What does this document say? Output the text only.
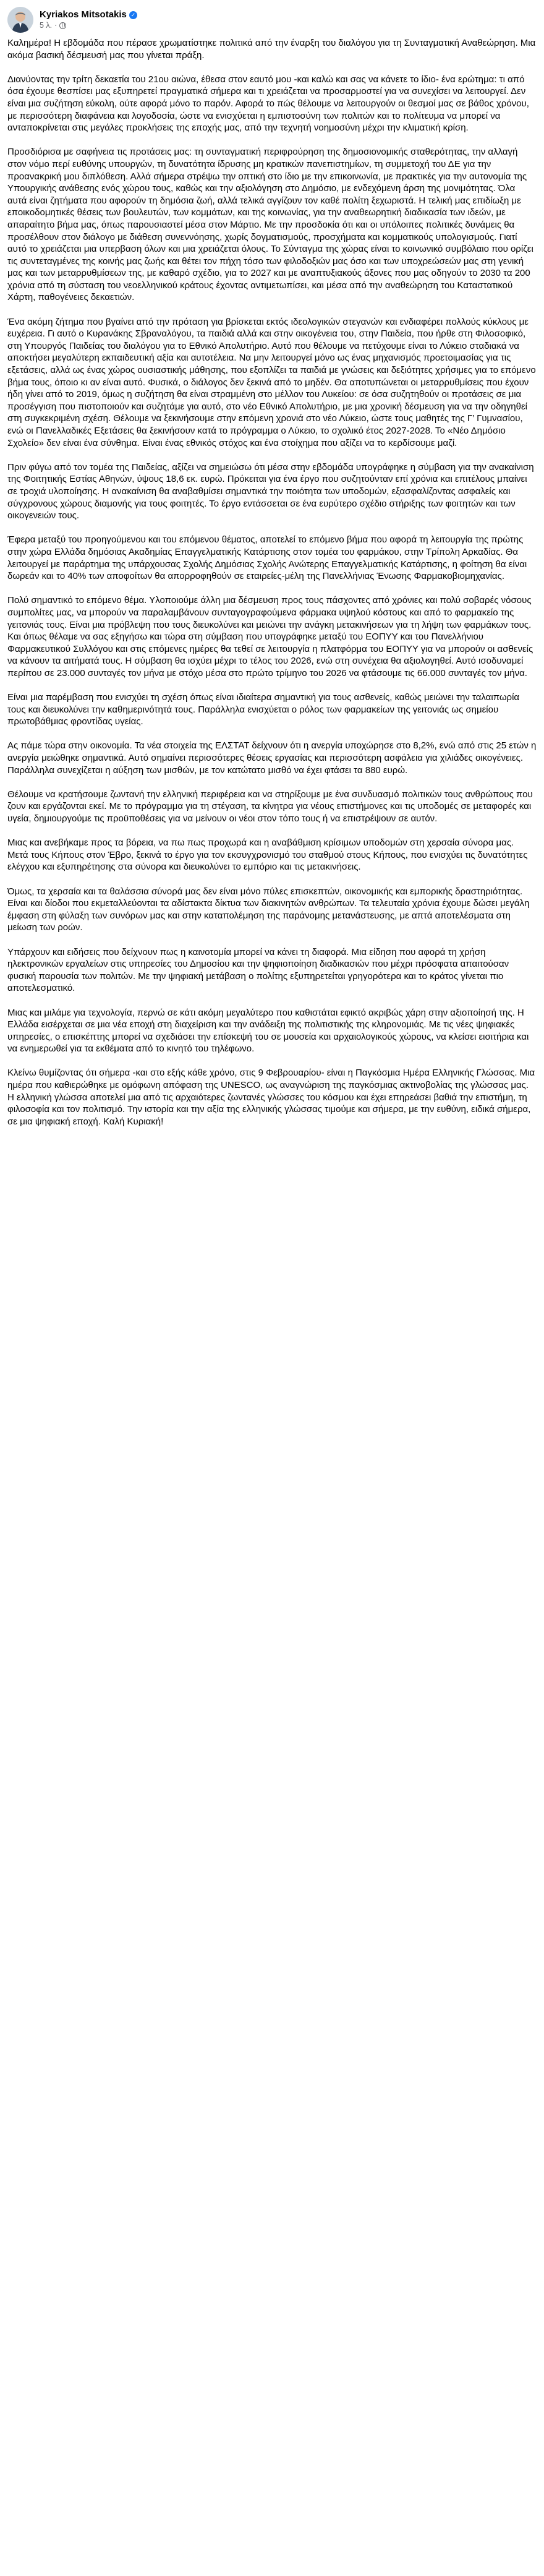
Kyriakos Mitsotakis ✓
5 λ. ·

Καλημέρα! Η εβδομάδα που πέρασε χρωματίστηκε πολιτικά από την έναρξη του διαλόγου για τη Συνταγματική Αναθεώρηση. Μια ακόμα βασική δέσμευσή μας που γίνεται πράξη.

Διανύοντας την τρίτη δεκαετία του 21ου αιώνα, έθεσα στον εαυτό μου -και καλώ και σας να κάνετε το ίδιο- ένα ερώτημα: τι από όσα έχουμε θεσπίσει μας εξυπηρετεί πραγματικά σήμερα και τι χρειάζεται να προσαρμοστεί για να συνεχίσει να λειτουργεί. Δεν είναι μια συζήτηση εύκολη, ούτε αφορά μόνο το παρόν. Αφορά το πώς θέλουμε να λειτουργούν οι θεσμοί μας σε βάθος χρόνου, με περισσότερη διαφάνεια και λογοδοσία, ώστε να ενισχύεται η εμπιστοσύνη των πολιτών και το πολίτευμα να μπορεί να ανταποκρίνεται στις μεγάλες προκλήσεις της εποχής μας, από την τεχνητή νοημοσύνη μέχρι την κλιματική κρίση.

Προσδιόρισα με σαφήνεια τις προτάσεις μας: τη συνταγματική περιφρούρηση της δημοσιονομικής σταθερότητας, την αλλαγή στον νόμο περί ευθύνης υπουργών, τη δυνατότητα ίδρυσης μη κρατικών πανεπιστημίων, τη συμμετοχή του ΔΕ για την προανακρική μου διπλόθεση. Αλλά σήμερα στρέψω την οπτική στο ίδιο με την επικοινωνία, με πρακτικές για την αυτονομία της Υπουργικής ανάθεσης ενός χώρου τους, καθώς και την αξιολόγηση στο Δημόσιο, με ενδεχόμενη άρση της μονιμότητας. Όλα αυτά είναι ζητήματα που αφορούν τη δημόσια ζωή, αλλά τελικά αγγίζουν τον καθέ πολίτη ξεχωριστά. Η τελική μας επιδίωξη με εποικοδομητικές θέσεις των βουλευτών, των κομμάτων, και της κοινωνίας, για την αναθεωρητική διαδικασία των ιδεών, με απαραίτητο βήμα μας, όπως παρουσιαστεί μέσα στον Μάρτιο. Με την προσδοκία ότι και οι υπόλοιπες πολιτικές δυνάμεις θα προσέλθουν στον διάλογο με διάθεση συνεννόησης, χωρίς δογματισμούς, προσχήματα και κομματικούς υπολογισμούς. Γιατί αυτό το χρειάζεται μια υπερβαση όλων και μια χρειάζεται όλους. Το Σύνταγμα της χώρας είναι το κοινωνικό συμβόλαιο που ορίζει τις συντεταγμένες της κοινής μας ζωής και θέτει τον πήχη τόσο των φιλοδοξιών μας όσο και των υποχρεώσεών μας στη γενική μας και των μεταρρυθμίσεων της, με καθαρό σχέδιο, για το 2027 και με αναπτυξιακούς άξονες που μας οδηγούν το 2030 τα 200 χρόνια από τη σύσταση του νεοελληνικού κράτους έχοντας αντιμετωπίσει, και μέσα από την αναθεώρηση του Καταστατικού Χάρτη, παθογένειες δεκαετιών.

Ένα ακόμη ζήτημα που βγαίνει από την πρόταση για βρίσκεται εκτός ιδεολογικών στεγανών και ενδιαφέρει πολλούς κύκλους με ευχέρεια. Γι αυτό ο Κυρανάκης Σβραναλόγου, τα παιδιά αλλά και στην οικογένεια του, στην Παιδεία, που ήρθε στη Φιλοσοφικό, στη Υπουργός Παιδείας του διαλόγου για το Εθνικό Απολυτήριο. Αυτό που θέλουμε να πετύχουμε είναι το Λύκειο σταδιακά να αποκτήσει μεγαλύτερη εκπαιδευτική αξία και αυτοτέλεια. Να μην λειτουργεί μόνο ως ένας μηχανισμός προετοιμασίας για τις εξετάσεις, αλλά ως ένας χώρος ουσιαστικής μάθησης, που εξοπλίζει τα παιδιά με γνώσεις και δεξιότητες χρήσιμες για το επόμενο βήμα τους, όποιο κι αν είναι αυτό. Φυσικά, ο διάλογος δεν ξεκινά από το μηδέν. Θα αποτυπώνεται οι μεταρρυθμίσεις που έχουν ήδη γίνει από το 2019, όμως η συζήτηση θα είναι στραμμένη στο μέλλον του Λυκείου: σε όσα συζητηθούν οι προτάσεις σε μια προσέγγιση που πιστοποιούν και συζητάμε για αυτό, στο νέο Εθνικό Απολυτήριο, με μια χρονική δέσμευση για να την οδηγηθεί στη συγκεκριμένη σχέση. Θέλουμε να ξεκινήσουμε στην επόμενη χρονιά στο νέο Λύκειο, ώστε τους μαθητές της Γ’ Γυμνασίου, ενώ οι Πανελλαδικές Εξετάσεις θα ξεκινήσουν κατά το πρόγραμμα ο Λύκειο, το σχολικό έτος 2027-2028. Το «Νέο Δημόσιο Σχολείο» δεν είναι ένα σύνθημα. Είναι ένας εθνικός στόχος και ένα στοίχημα που αξίζει να το κερδίσουμε μαζί.

Πριν φύγω από τον τομέα της Παιδείας, αξίζει να σημειώσω ότι μέσα στην εβδομάδα υπογράφηκε η σύμβαση για την ανακαίνιση της Φοιτητικής Εστίας Αθηνών, ύψους 18,6 εκ. ευρώ. Πρόκειται για ένα έργο που συζητούνταν επί χρόνια και επιτέλους μπαίνει σε τροχιά υλοποίησης. Η ανακαίνιση θα αναβαθμίσει σημαντικά την ποιότητα των υποδομών, εξασφαλίζοντας ασφαλείς και σύγχρονους χώρους διαμονής για τους φοιτητές. Το έργο εντάσσεται σε ένα ευρύτερο σχέδιο στήριξης των φοιτητών και των οικογενειών τους.

Έφερα μεταξύ του προηγούμενου και του επόμενου θέματος, αποτελεί το επόμενο βήμα που αφορά τη λειτουργία της πρώτης στην χώρα Ελλάδα δημόσιας Ακαδημίας Επαγγελματικής Κατάρτισης στον τομέα του φαρμάκου, στην Τρίπολη Αρκαδίας. Θα λειτουργεί με παράρτημα της υπάρχουσας Σχολής Δημόσιας Σχολής Ανώτερης Επαγγελματικής Κατάρτισης, η φοίτηση θα είναι δωρεάν και το 40% των αποφοίτων θα απορροφηθούν σε εταιρείες-μέλη της Πανελλήνιας Ένωσης Φαρμακοβιομηχανίας.

Πολύ σημαντικό το επόμενο θέμα. Υλοποιούμε άλλη μια δέσμευση προς τους πάσχοντες από χρόνιες και πολύ σοβαρές νόσους συμπολίτες μας, να μπορούν να παραλαμβάνουν συνταγογραφούμενα φάρμακα υψηλού κόστους και από το φαρμακείο της γειτονιάς τους. Είναι μια πρόβλεψη που τους διευκολύνει και μειώνει την ανάγκη μετακινήσεων για τη λήψη των φαρμάκων τους. Και όπως θέλαμε να σας εξηγήσω και τώρα στη σύμβαση που υπογράφηκε μεταξύ του ΕΟΠΥΥ και του Πανελλήνιου Φαρμακευτικού Συλλόγου και στις επόμενες ημέρες θα τεθεί σε λειτουργία η πλατφόρμα του ΕΟΠΥΥ για να μπορούν οι ασθενείς να κάνουν τα αιτήματά τους. Η σύμβαση θα ισχύει μέχρι το τέλος του 2026, ενώ στη συνέχεια θα αξιολογηθεί. Αυτό ισοδυναμεί περίπου σε 23.000 συνταγές τον μήνα με στόχο μέσα στο πρώτο τρίμηνο του 2026 να φτάσουμε τις 66.000 συνταγές τον μήνα.

Είναι μια παρέμβαση που ενισχύει τη σχέση όπως είναι ιδιαίτερα σημαντική για τους ασθενείς, καθώς μειώνει την ταλαιπωρία τους και διευκολύνει την καθημερινότητά τους. Παράλληλα ενισχύεται ο ρόλος των φαρμακείων της γειτονιάς ως σημείου πρωτοβάθμιας φροντίδας υγείας.

Ας πάμε τώρα στην οικονομία. Τα νέα στοιχεία της ΕΛΣΤΑΤ δείχνουν ότι η ανεργία υποχώρησε στο 8,2%, ενώ από στις 25 ετών η ανεργία μειώθηκε σημαντικά. Αυτό σημαίνει περισσότερες θέσεις εργασίας και περισσότερη ασφάλεια για χιλιάδες οικογένειες. Παράλληλα συνεχίζεται η αύξηση των μισθών, με τον κατώτατο μισθό να έχει φτάσει τα 880 ευρώ.

Θέλουμε να κρατήσουμε ζωντανή την ελληνική περιφέρεια και να στηρίξουμε με ένα συνδυασμό πολιτικών τους ανθρώπους που ζουν και εργάζονται εκεί. Με το πρόγραμμα για τη στέγαση, τα κίνητρα για νέους επιστήμονες και τις υποδομές σε μεταφορές και υγεία, δημιουργούμε τις προϋποθέσεις για να μείνουν οι νέοι στον τόπο τους ή να επιστρέψουν σε αυτόν.

Μιας και ανεβήκαμε προς τα βόρεια, να πω πως προχωρά και η αναβάθμιση κρίσιμων υποδομών στη χερσαία σύνορα μας. Μετά τους Κήπους στον Έβρο, ξεκινά το έργο για τον εκσυγχρονισμό του σταθμού στους Κήπους, που ενισχύει τις δυνατότητες ελέγχου και εξυπηρέτησης στα σύνορα και διευκολύνει το εμπόριο και τις μετακινήσεις.

Όμως, τα χερσαία και τα θαλάσσια σύνορά μας δεν είναι μόνο πύλες επισκεπτών, οικονομικής και εμπορικής δραστηριότητας. Είναι και δίοδοι που εκμεταλλεύονται τα αδίστακτα δίκτυα των διακινητών ανθρώπων. Τα τελευταία χρόνια έχουμε δώσει μεγάλη έμφαση στη φύλαξη των συνόρων μας και στην καταπολέμηση της παράνομης μετανάστευσης, με απτά αποτελέσματα στη μείωση των ροών.

Υπάρχουν και ειδήσεις που δείχνουν πως η καινοτομία μπορεί να κάνει τη διαφορά. Μια είδηση που αφορά τη χρήση ηλεκτρονικών εργαλείων στις υπηρεσίες του Δημοσίου και την ψηφιοποίηση διαδικασιών που μέχρι πρόσφατα απαιτούσαν φυσική παρουσία των πολιτών. Με την ψηφιακή μετάβαση ο πολίτης εξυπηρετείται γρηγορότερα και το κράτος γίνεται πιο αποτελεσματικό.

Μιας και μιλάμε για τεχνολογία, περνώ σε κάτι ακόμη μεγαλύτερο που καθιστάται εφικτό ακριβώς χάρη στην αξιοποίησή της. Η Ελλάδα εισέρχεται σε μια νέα εποχή στη διαχείριση και την ανάδειξη της πολιτιστικής της κληρονομιάς. Με τις νέες ψηφιακές υπηρεσίες, ο επισκέπτης μπορεί να σχεδιάσει την επίσκεψή του σε μουσεία και αρχαιολογικούς χώρους, να κλείσει εισιτήρια και να ενημερωθεί για τα εκθέματα από το κινητό του τηλέφωνο.

Κλείνω θυμίζοντας ότι σήμερα -και στο εξής κάθε χρόνο, στις 9 Φεβρουαρίου- είναι η Παγκόσμια Ημέρα Ελληνικής Γλώσσας. Μια ημέρα που καθιερώθηκε με ομόφωνη απόφαση της UNESCO, ως αναγνώριση της παγκόσμιας ακτινοβολίας της γλώσσας μας. Η ελληνική γλώσσα αποτελεί μια από τις αρχαιότερες ζωντανές γλώσσες του κόσμου και έχει επηρεάσει βαθιά την επιστήμη, τη φιλοσοφία και τον πολιτισμό. Την ιστορία και την αξία της ελληνικής γλώσσας τιμούμε και σήμερα, με την ευθύνη, ειδικά σήμερα, σε μια ψηφιακή εποχή. Καλή Κυριακή!
